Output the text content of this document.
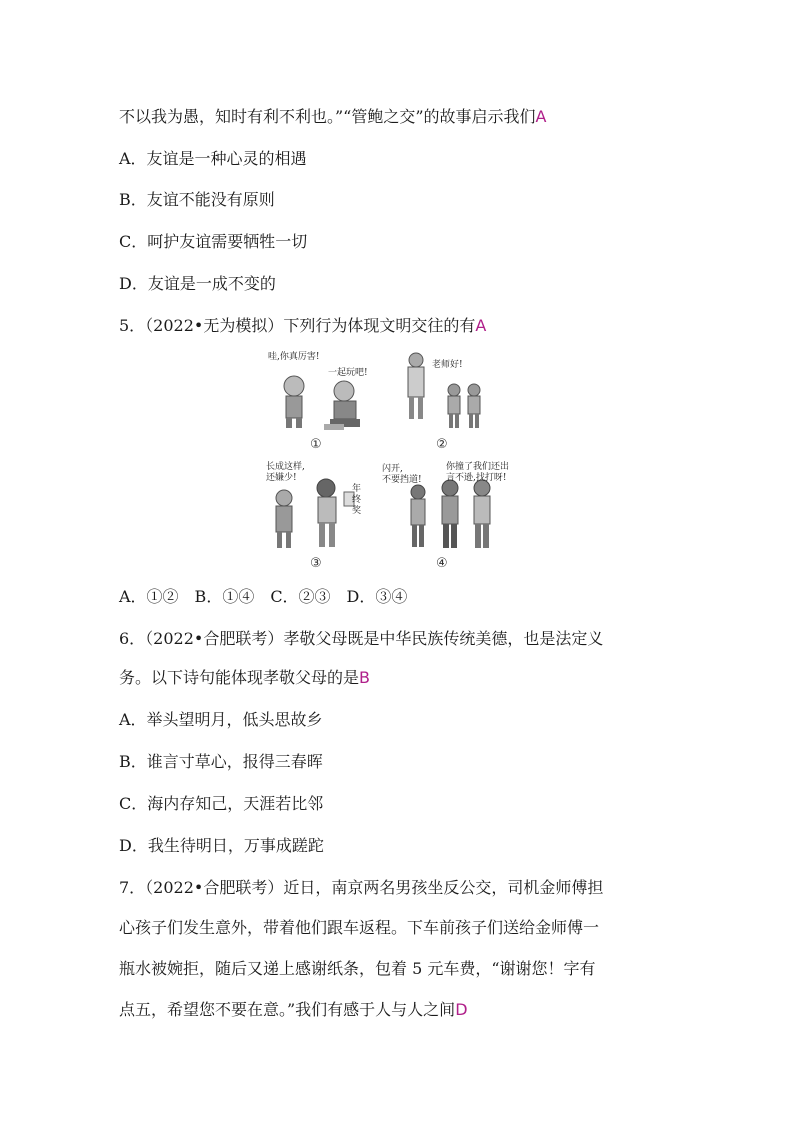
不以我为愚，知时有利不利也。”“管鲍之交”的故事启示我们A
A．友谊是一种心灵的相遇
B．友谊不能没有原则
C．呵护友谊需要牺牲一切
D．友谊是一成不变的
5．（2022•无为模拟）下列行为体现文明交往的有A
哇,你真厉害!
一起玩吧!
①
老师好!
②
长成这样,
还嫌少!
年
终
奖
③
闪开,
不要挡道!
你撞了我们还出
言不逊,找打呀!
④
A．①②　B．①④　C．②③　D．③④
6．（2022•合肥联考）孝敬父母既是中华民族传统美德，也是法定义
务。以下诗句能体现孝敬父母的是B
A．举头望明月，低头思故乡
B．谁言寸草心，报得三春晖
C．海内存知己，天涯若比邻
D．我生待明日，万事成蹉跎
7．（2022•合肥联考）近日，南京两名男孩坐反公交，司机金师傅担
心孩子们发生意外，带着他们跟车返程。下车前孩子们送给金师傅一
瓶水被婉拒，随后又递上感谢纸条，包着 5 元车费，“谢谢您！字有
点五，希望您不要在意。”我们有感于人与人之间D
